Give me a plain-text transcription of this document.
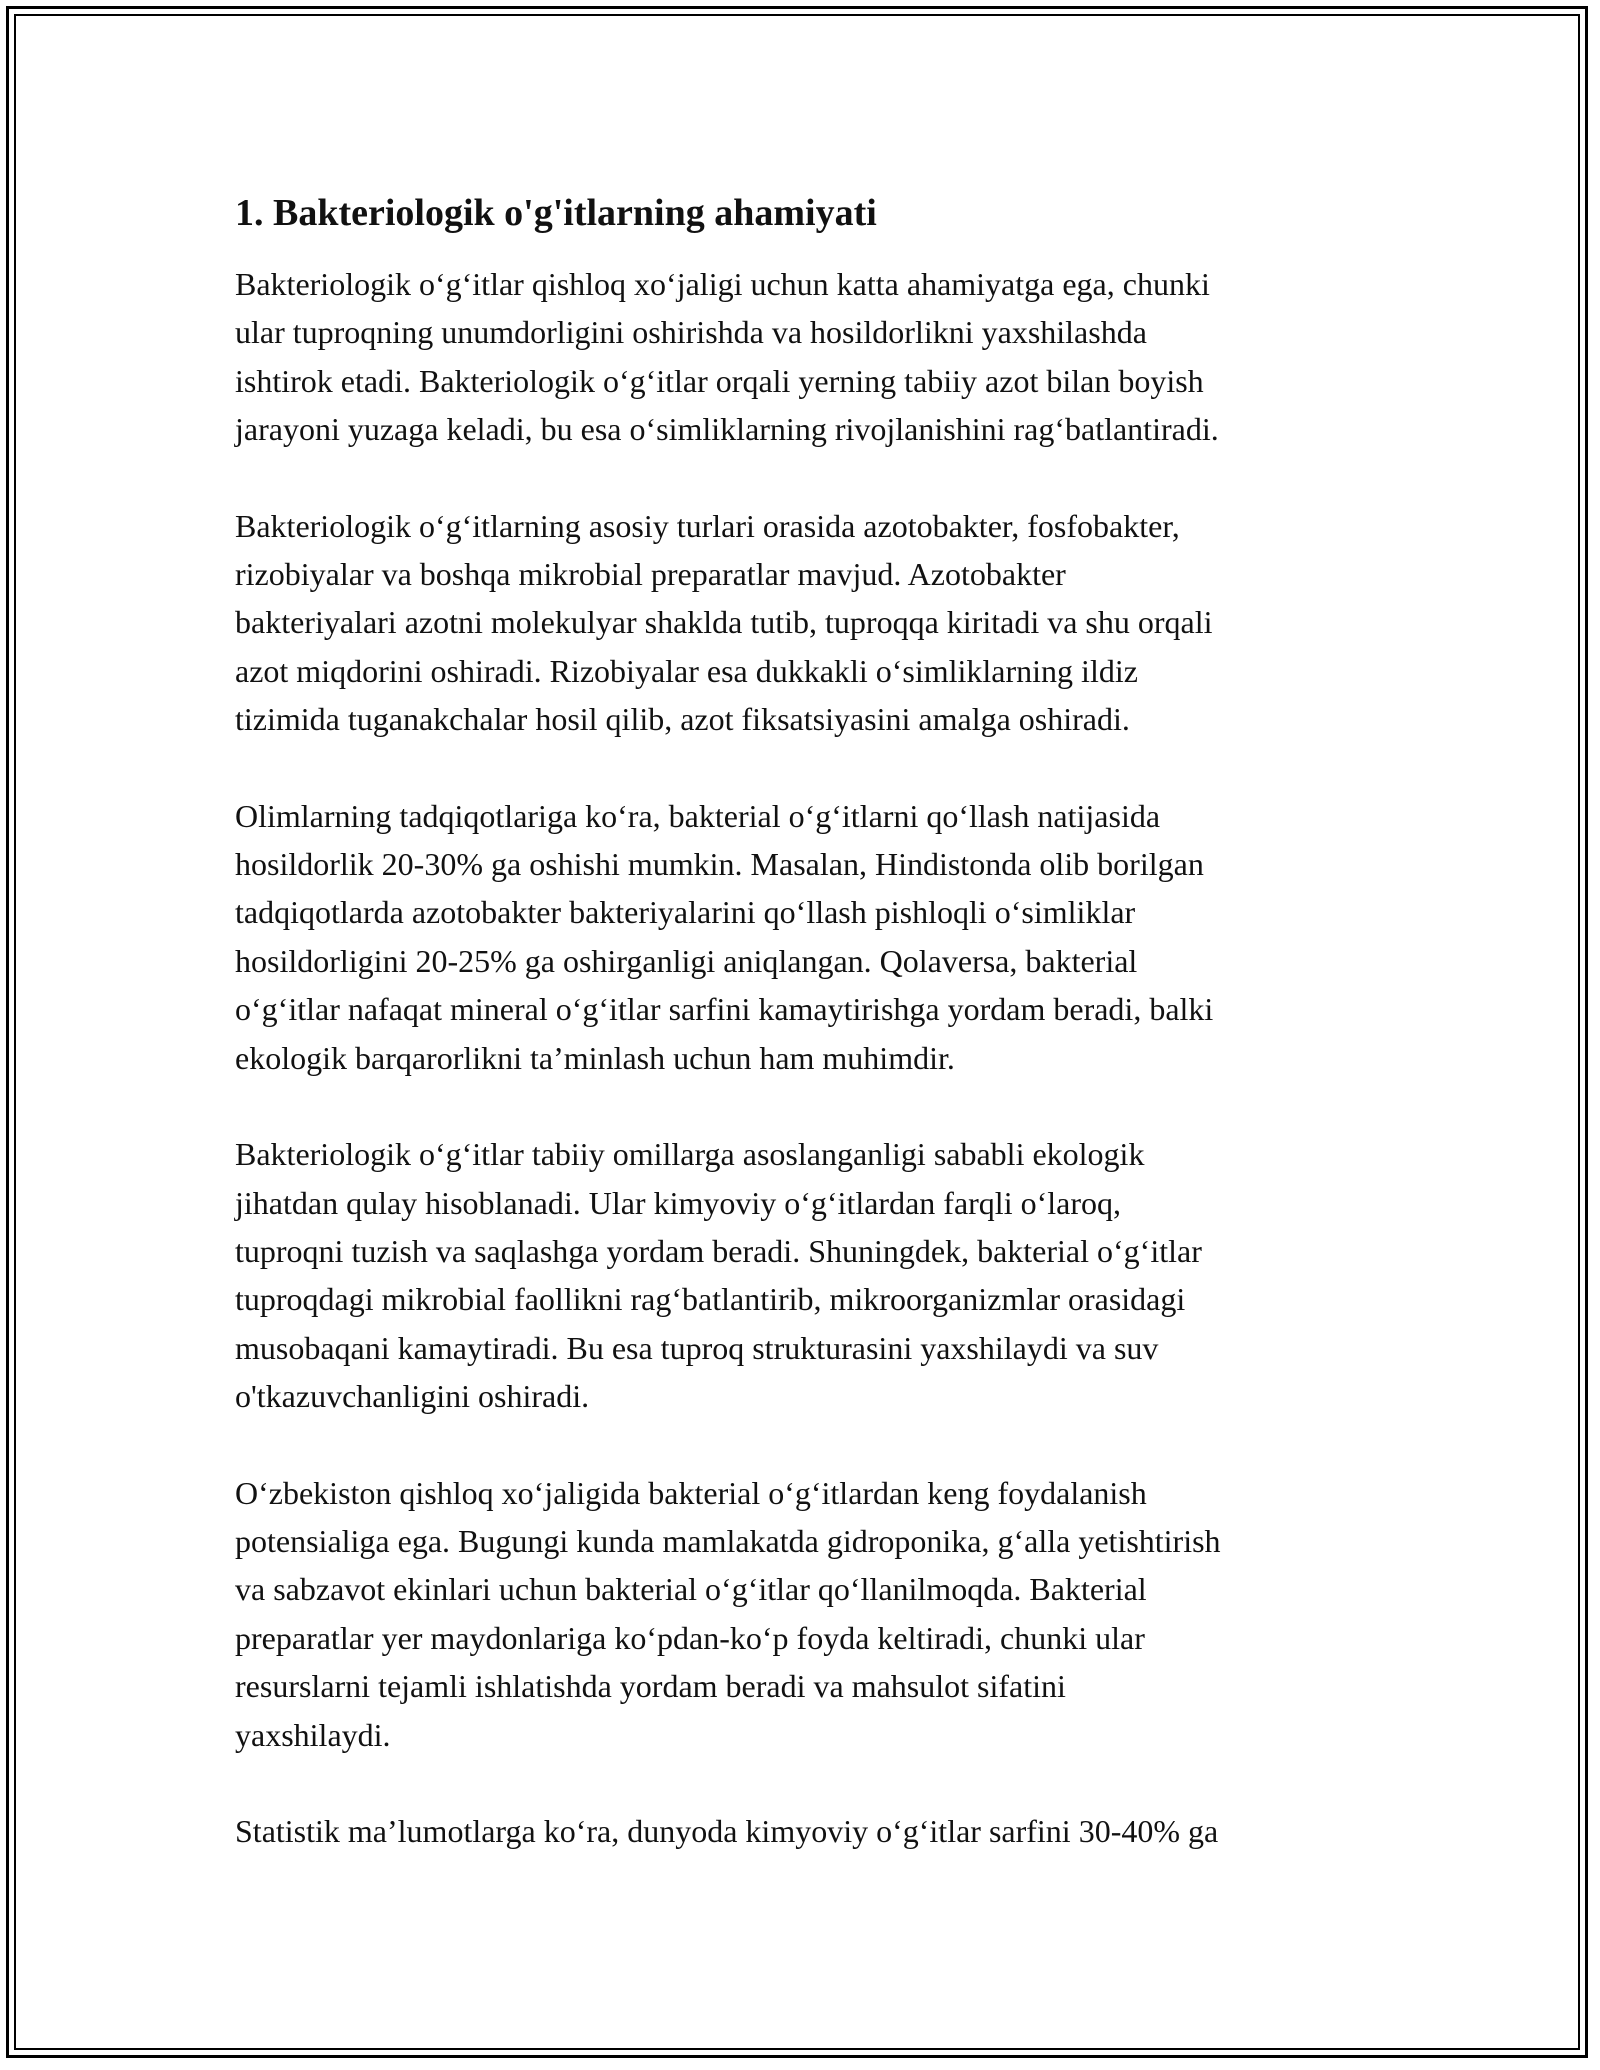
1. Bakteriologik o'g'itlarning ahamiyati

Bakteriologik o‘g‘itlar qishloq xo‘jaligi uchun katta ahamiyatga ega, chunki
ular tuproqning unumdorligini oshirishda va hosildorlikni yaxshilashda
ishtirok etadi. Bakteriologik o‘g‘itlar orqali yerning tabiiy azot bilan boyish
jarayoni yuzaga keladi, bu esa o‘simliklarning rivojlanishini rag‘batlantiradi.

Bakteriologik o‘g‘itlarning asosiy turlari orasida azotobakter, fosfobakter,
rizobiyalar va boshqa mikrobial preparatlar mavjud. Azotobakter
bakteriyalari azotni molekulyar shaklda tutib, tuproqqa kiritadi va shu orqali
azot miqdorini oshiradi. Rizobiyalar esa dukkakli o‘simliklarning ildiz
tizimida tuganakchalar hosil qilib, azot fiksatsiyasini amalga oshiradi.

Olimlarning tadqiqotlariga ko‘ra, bakterial o‘g‘itlarni qo‘llash natijasida
hosildorlik 20-30% ga oshishi mumkin. Masalan, Hindistonda olib borilgan
tadqiqotlarda azotobakter bakteriyalarini qo‘llash pishloqli o‘simliklar
hosildorligini 20-25% ga oshirganligi aniqlangan. Qolaversa, bakterial
o‘g‘itlar nafaqat mineral o‘g‘itlar sarfini kamaytirishga yordam beradi, balki
ekologik barqarorlikni ta’minlash uchun ham muhimdir.

Bakteriologik o‘g‘itlar tabiiy omillarga asoslanganligi sababli ekologik
jihatdan qulay hisoblanadi. Ular kimyoviy o‘g‘itlardan farqli o‘laroq,
tuproqni tuzish va saqlashga yordam beradi. Shuningdek, bakterial o‘g‘itlar
tuproqdagi mikrobial faollikni rag‘batlantirib, mikroorganizmlar orasidagi
musobaqani kamaytiradi. Bu esa tuproq strukturasini yaxshilaydi va suv
o'tkazuvchanligini oshiradi.

O‘zbekiston qishloq xo‘jaligida bakterial o‘g‘itlardan keng foydalanish
potensialiga ega. Bugungi kunda mamlakatda gidroponika, g‘alla yetishtirish
va sabzavot ekinlari uchun bakterial o‘g‘itlar qo‘llanilmoqda. Bakterial
preparatlar yer maydonlariga ko‘pdan-ko‘p foyda keltiradi, chunki ular
resurslarni tejamli ishlatishda yordam beradi va mahsulot sifatini
yaxshilaydi.

Statistik ma’lumotlarga ko‘ra, dunyoda kimyoviy o‘g‘itlar sarfini 30-40% ga
